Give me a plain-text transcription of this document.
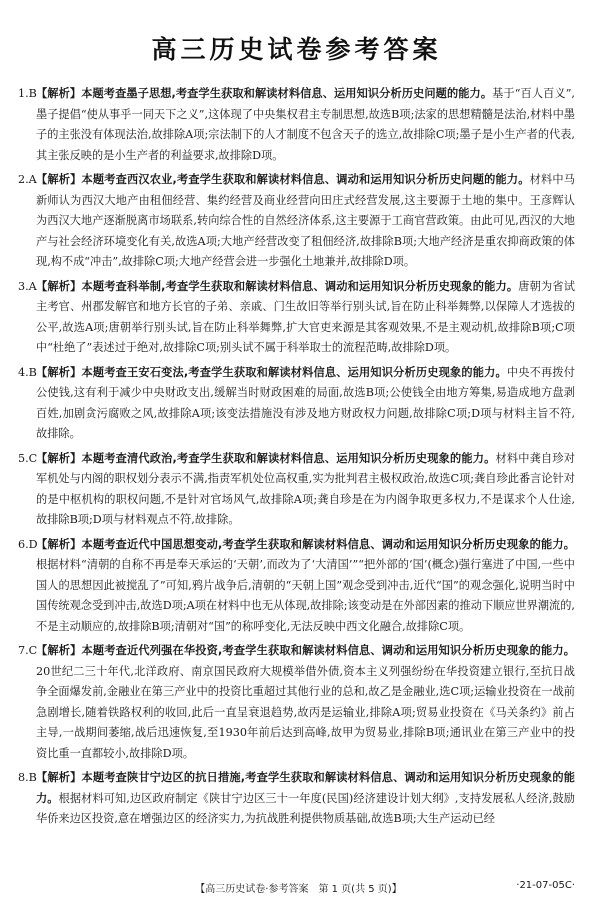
高三历史试卷参考答案

1.B 【解析】本题考查墨子思想,考查学生获取和解读材料信息、运用知识分析历史问题的能力。基于“百人百义”,墨子提倡“使从事乎一同天下之义”,这体现了中央集权君主专制思想,故选B项;法家的思想精髓是法治,材料中墨子的主张没有体现法治,故排除A项;宗法制下的人才制度不包含天子的选立,故排除C项;墨子是小生产者的代表,其主张反映的是小生产者的利益要求,故排除D项。

2.A 【解析】本题考查西汉农业,考查学生获取和解读材料信息、调动和运用知识分析历史问题的能力。材料中马新师认为西汉大地产由租佃经营、集约经营及商业经营向田庄式经营发展,这主要源于土地的集中。王彦辉认为西汉大地产逐渐脱离市场联系,转向综合性的自然经济体系,这主要源于工商官营政策。由此可见,西汉的大地产与社会经济环境变化有关,故选A项;大地产经营改变了租佃经济,故排除B项;大地产经济是重农抑商政策的体现,构不成“冲击”,故排除C项;大地产经营会进一步强化土地兼并,故排除D项。

3.A 【解析】本题考查科举制,考查学生获取和解读材料信息、调动和运用知识分析历史现象的能力。唐朝为省试主考官、州郡发解官和地方长官的子弟、亲戚、门生故旧等举行别头试,旨在防止科举舞弊,以保障人才选拔的公平,故选A项;唐朝举行别头试,旨在防止科举舞弊,扩大官吏来源是其客观效果,不是主观动机,故排除B项;C项中“杜绝了”表述过于绝对,故排除C项;别头试不属于科举取士的流程范畴,故排除D项。

4.B 【解析】本题考查王安石变法,考查学生获取和解读材料信息、运用知识分析历史现象的能力。中央不再拨付公使钱,这有利于减少中央财政支出,缓解当时财政困难的局面,故选B项;公使钱全由地方筹集,易造成地方盘剥百姓,加剧贪污腐败之风,故排除A项;该变法措施没有涉及地方财政权力问题,故排除C项;D项与材料主旨不符,故排除。

5.C
【解析】本题考查清代政治,考查学生获取和解读材料信息、运用知识分析历史现象的能力。材料中龚自珍对军机处与内阁的职权划分表示不满,指责军机处位高权重,实为批判君主极权政治,故选C项;龚自珍此番言论针对的是中枢机构的职权问题,不是针对官场风气,故排除A项;龚自珍是在为内阁争取更多权力,不是谋求个人仕途,故排除B项;D项与材料观点不符,故排除。

6.D
【解析】本题考查近代中国思想变动,考查学生获取和解读材料信息、调动和运用知识分析历史现象的能力。根据材料“清朝的自称不再是奉天承运的‘天朝’,而改为了‘大清国’”“把外部的‘国’(概念)强行塞进了中国,一些中国人的思想因此被搅乱了”可知,鸦片战争后,清朝的“天朝上国”观念受到冲击,近代“国”的观念强化,说明当时中国传统观念受到冲击,故选D项;A项在材料中也无从体现,故排除;该变动是在外部因素的推动下顺应世界潮流的,不是主动顺应的,故排除B项;清朝对“国”的称呼变化,无法反映中西文化融合,故排除C项。

7.C
【解析】本题考查近代列强在华投资,考查学生获取和解读材料信息、调动和运用知识分析历史现象的能力。20世纪二三十年代,北洋政府、南京国民政府大规模举借外债,资本主义列强纷纷在华投资建立银行,至抗日战争全面爆发前,金融业在第三产业中的投资比重超过其他行业的总和,故乙是金融业,选C项;运输业投资在一战前急剧增长,随着铁路权利的收回,此后一直呈衰退趋势,故丙是运输业,排除A项;贸易业投资在《马关条约》前占主导,一战期间萎缩,战后迅速恢复,至1930年前后达到高峰,故甲为贸易业,排除B项;通讯业在第三产业中的投资比重一直都较小,故排除D项。

8.B 【解析】本题考查陕甘宁边区的抗日措施,考查学生获取和解读材料信息、调动和运用知识分析历史现象的能力。根据材料可知,边区政府制定《陕甘宁边区三十一年度(民国)经济建设计划大纲》,支持发展私人经济,鼓励华侨来边区投资,意在增强边区的经济实力,为抗战胜利提供物质基础,故选B项;大生产运动已经

【高三历史试卷·参考答案　第 1 页(共 5 页)】	·21-07-05C·
